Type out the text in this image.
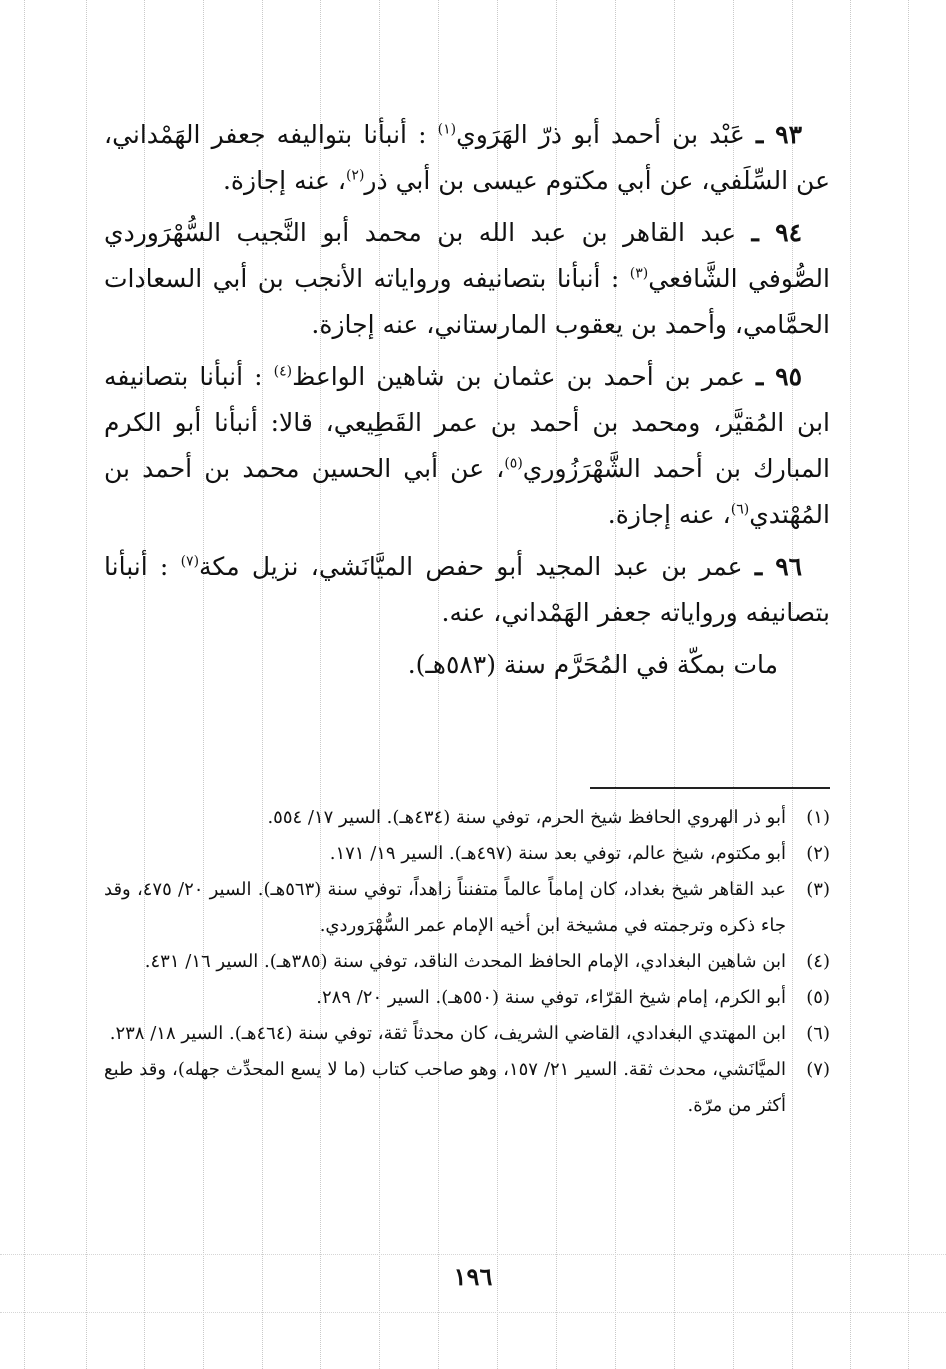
٩٣ ـ عَبْد بن أحمد أبو ذرّ الهَرَوي$^{(١)}$ : أنبأنا بتواليفه جعفر الهَمْداني، عن السِّلَفي، عن أبي مكتوم عيسى بن أبي ذر$^{(٢)}$، عنه إجازة.

٩٤ ـ عبد القاهر بن عبد الله بن محمد أبو النَّجيب السُّهْرَوردي الصُّوفي الشَّافعي$^{(٣)}$ : أنبأنا بتصانيفه ورواياته الأنجب بن أبي السعادات الحمَّامي، وأحمد بن يعقوب المارستاني، عنه إجازة.

٩٥ ـ عمر بن أحمد بن عثمان بن شاهين الواعظ$^{(٤)}$ : أنبأنا بتصانيفه ابن المُقيَّر، ومحمد بن أحمد بن عمر القَطِيعي، قالا: أنبأنا أبو الكرم المبارك بن أحمد الشَّهْرَزُوري$^{(٥)}$، عن أبي الحسين محمد بن أحمد بن المُهْتدي$^{(٦)}$، عنه إجازة.

٩٦ ـ عمر بن عبد المجيد أبو حفص الميَّانَشي، نزيل مكة$^{(٧)}$ : أنبأنا بتصانيفه ورواياته جعفر الهَمْداني، عنه.

مات بمكّة في المُحَرَّم سنة (٥٨٣هـ).

(١)
أبو ذر الهروي الحافظ شيخ الحرم، توفي سنة (٤٣٤هـ). السير ١٧/ ٥٥٤.

(٢)
أبو مكتوم، شيخ عالم، توفي بعد سنة (٤٩٧هـ). السير ١٩/ ١٧١.

(٣)
عبد القاهر شيخ بغداد، كان إماماً عالماً متفنناً زاهداً، توفي سنة (٥٦٣هـ). السير ٢٠/ ٤٧٥، وقد جاء ذكره وترجمته في مشيخة ابن أخيه الإمام عمر السُّهْرَوردي.

(٤)
ابن شاهين البغدادي، الإمام الحافظ المحدث الناقد، توفي سنة (٣٨٥هـ). السير ١٦/ ٤٣١.

(٥)
أبو الكرم، إمام شيخ القرّاء، توفي سنة (٥٥٠هـ). السير ٢٠/ ٢٨٩.

(٦)
ابن المهتدي البغدادي، القاضي الشريف، كان محدثاً ثقة، توفي سنة (٤٦٤هـ). السير ١٨/ ٢٣٨.

(٧)
الميَّانَشي، محدث ثقة. السير ٢١/ ١٥٧، وهو صاحب كتاب (ما لا يسع المحدِّث جهله)، وقد طبع أكثر من مرّة.

١٩٦
